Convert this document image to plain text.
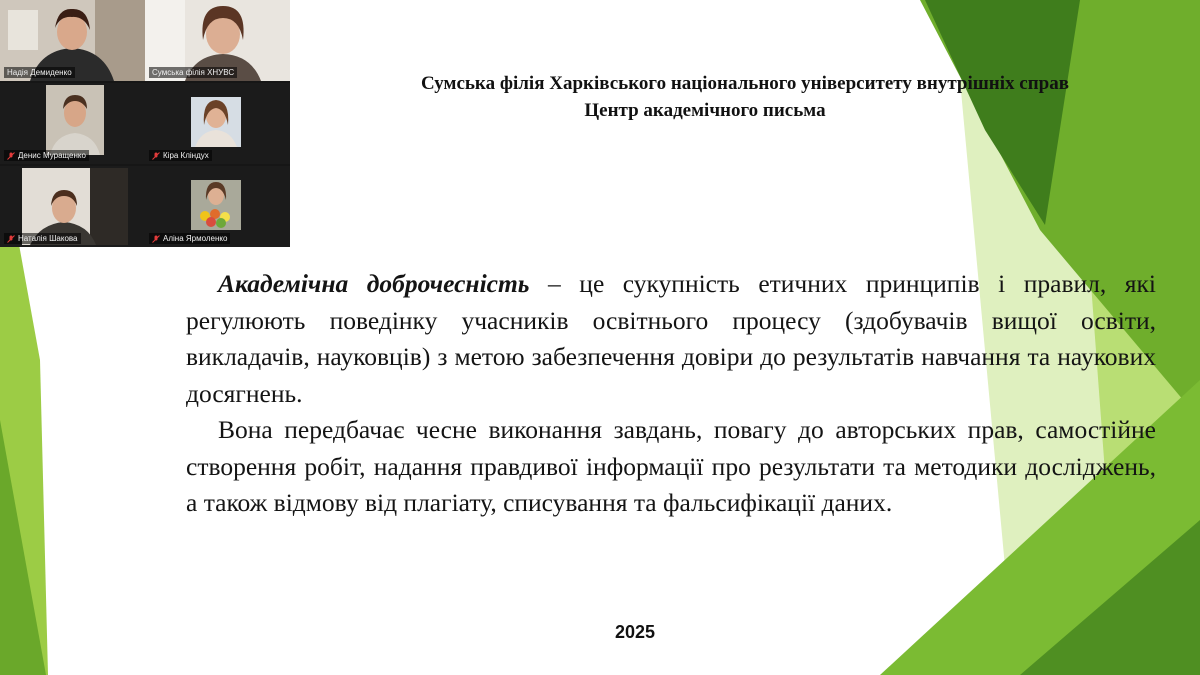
Надія Демиденко	Сумська філія ХНУВС
Денис Муращенко	Кіра Кліндух
Наталія Шакова	Аліна Ярмоленко
Сумська філія Харківського національного університету внутрішніх справ
Центр академічного письма

Академічна доброчесність – це сукупність етичних принципів і правил, які регулюють поведінку учасників освітнього процесу (здобувачів вищої освіти, викладачів, науковців) з метою забезпечення довіри до результатів навчання та наукових досягнень.

Вона передбачає чесне виконання завдань, повагу до авторських прав, самостійне створення робіт, надання правдивої інформації про результати та методики досліджень, а також відмову від плагіату, списування та фальсифікації даних.

2025
